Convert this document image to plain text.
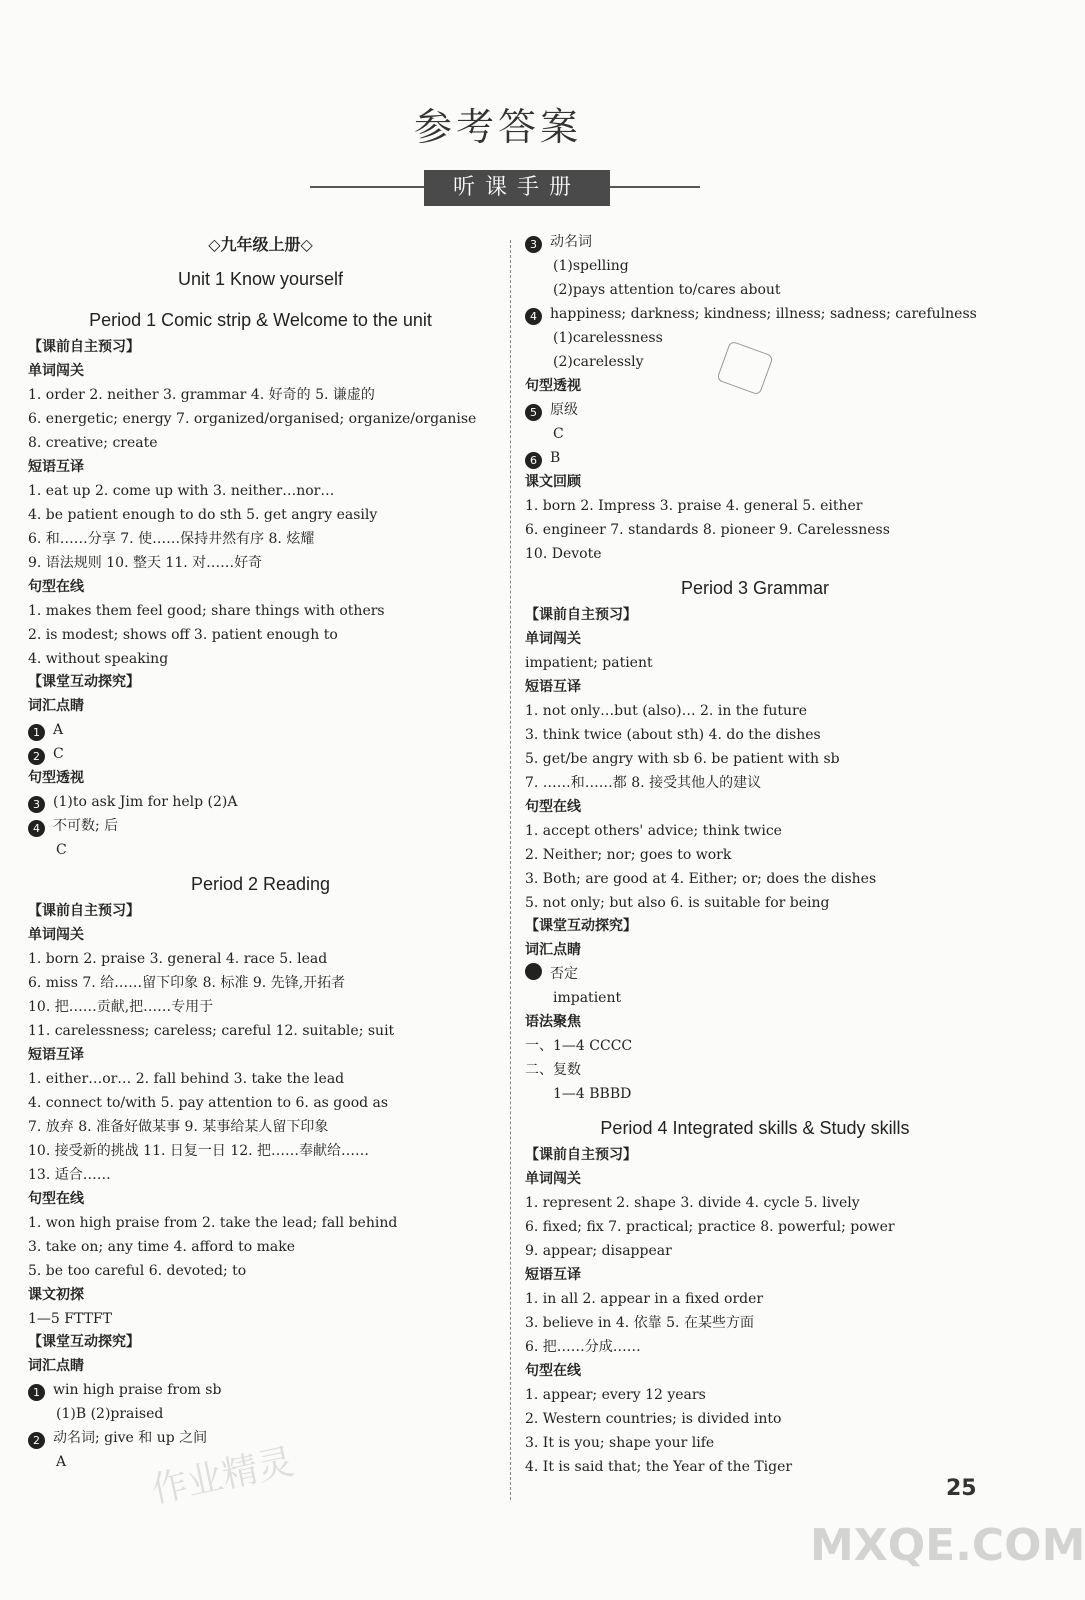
参考答案
听课手册
◇九年级上册◇
Unit 1 Know yourself
Period 1 Comic strip & Welcome to the unit
【课前自主预习】
单词闯关
1. order 2. neither 3. grammar 4. 好奇的 5. 谦虚的
6. energetic; energy 7. organized/organised; organize/organise
8. creative; create
短语互译
1. eat up 2. come up with 3. neither…nor…
4. be patient enough to do sth 5. get angry easily
6. 和……分享 7. 使……保持井然有序 8. 炫耀
9. 语法规则 10. 整天 11. 对……好奇
句型在线
1. makes them feel good; share things with others
2. is modest; shows off 3. patient enough to
4. without speaking
【课堂互动探究】
词汇点睛
1 A
2 C
句型透视
3 (1)to ask Jim for help (2)A
4 不可数; 后
C
Period 2 Reading
【课前自主预习】
单词闯关
1. born 2. praise 3. general 4. race 5. lead
6. miss 7. 给……留下印象 8. 标准 9. 先锋,开拓者
10. 把……贡献,把……专用于
11. carelessness; careless; careful 12. suitable; suit
短语互译
1. either…or… 2. fall behind 3. take the lead
4. connect to/with 5. pay attention to 6. as good as
7. 放弃 8. 准备好做某事 9. 某事给某人留下印象
10. 接受新的挑战 11. 日复一日 12. 把……奉献给……
13. 适合……
句型在线
1. won high praise from 2. take the lead; fall behind
3. take on; any time 4. afford to make
5. be too careful 6. devoted; to
课文初探
1—5 FTTFT
【课堂互动探究】
词汇点睛
1 win high praise from sb
(1)B (2)praised
2 动名词; give 和 up 之间
A
3 动名词
(1)spelling
(2)pays attention to/cares about
4 happiness; darkness; kindness; illness; sadness; carefulness
(1)carelessness
(2)carelessly
句型透视
5 原级
C
6 B
课文回顾
1. born 2. Impress 3. praise 4. general 5. either
6. engineer 7. standards 8. pioneer 9. Carelessness
10. Devote
Period 3 Grammar
【课前自主预习】
单词闯关
impatient; patient
短语互译
1. not only…but (also)… 2. in the future
3. think twice (about sth) 4. do the dishes
5. get/be angry with sb 6. be patient with sb
7. ……和……都 8. 接受其他人的建议
句型在线
1. accept others' advice; think twice
2. Neither; nor; goes to work
3. Both; are good at 4. Either; or; does the dishes
5. not only; but also 6. is suitable for being
【课堂互动探究】
词汇点睛
否定
impatient
语法聚焦
一、1—4 CCCC
二、复数
1—4 BBBD
Period 4 Integrated skills & Study skills
【课前自主预习】
单词闯关
1. represent 2. shape 3. divide 4. cycle 5. lively
6. fixed; fix 7. practical; practice 8. powerful; power
9. appear; disappear
短语互译
1. in all 2. appear in a fixed order
3. believe in 4. 依靠 5. 在某些方面
6. 把……分成……
句型在线
1. appear; every 12 years
2. Western countries; is divided into
3. It is you; shape your life
4. It is said that; the Year of the Tiger
作业精灵
MXQE.COM
25
